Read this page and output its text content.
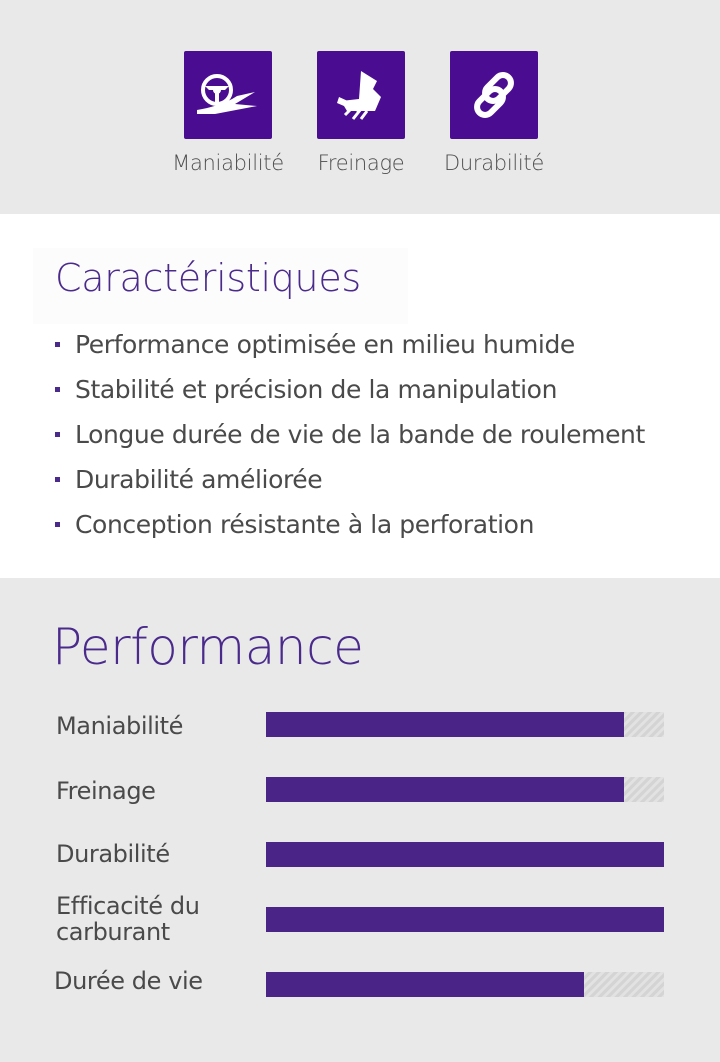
Maniabilité	Freinage	Durabilité
Caractéristiques
Performance optimisée en milieu humide
Stabilité et précision de la manipulation
Longue durée de vie de la bande de roulement
Durabilité améliorée
Conception résistante à la perforation
Performance
Maniabilité
Freinage
Durabilité
Efficacité du carburant
Durée de vie
